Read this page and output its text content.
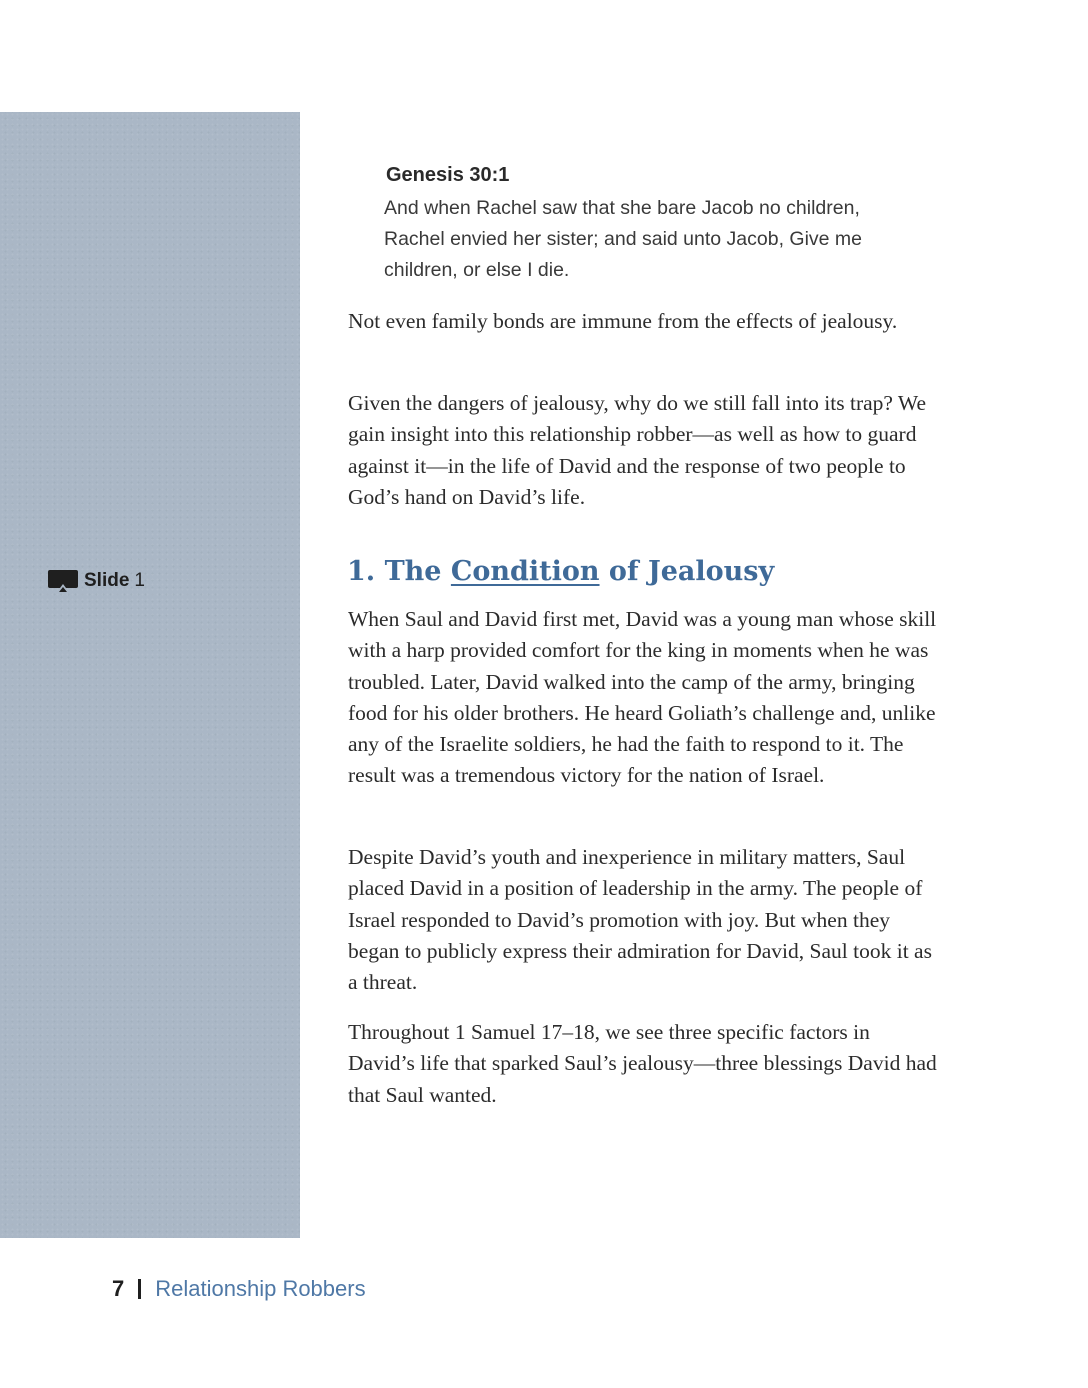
Slide 1

Genesis 30:1

And when Rachel saw that she bare Jacob no children, Rachel envied her sister; and said unto Jacob, Give me children, or else I die.

Not even family bonds are immune from the effects of jealousy.

Given the dangers of jealousy, why do we still fall into its trap? We gain insight into this relationship robber—as well as how to guard against it—in the life of David and the response of two people to God’s hand on David’s life.

1. The Condition of Jealousy

When Saul and David first met, David was a young man whose skill with a harp provided comfort for the king in moments when he was troubled. Later, David walked into the camp of the army, bringing food for his older brothers. He heard Goliath’s challenge and, unlike any of the Israelite soldiers, he had the faith to respond to it. The result was a tremendous victory for the nation of Israel.

Despite David’s youth and inexperience in military matters, Saul placed David in a position of leadership in the army. The people of Israel responded to David’s promotion with joy. But when they began to publicly express their admiration for David, Saul took it as a threat.

Throughout 1 Samuel 17–18, we see three specific factors in David’s life that sparked Saul’s jealousy—three blessings David had that Saul wanted.

7 Relationship Robbers
